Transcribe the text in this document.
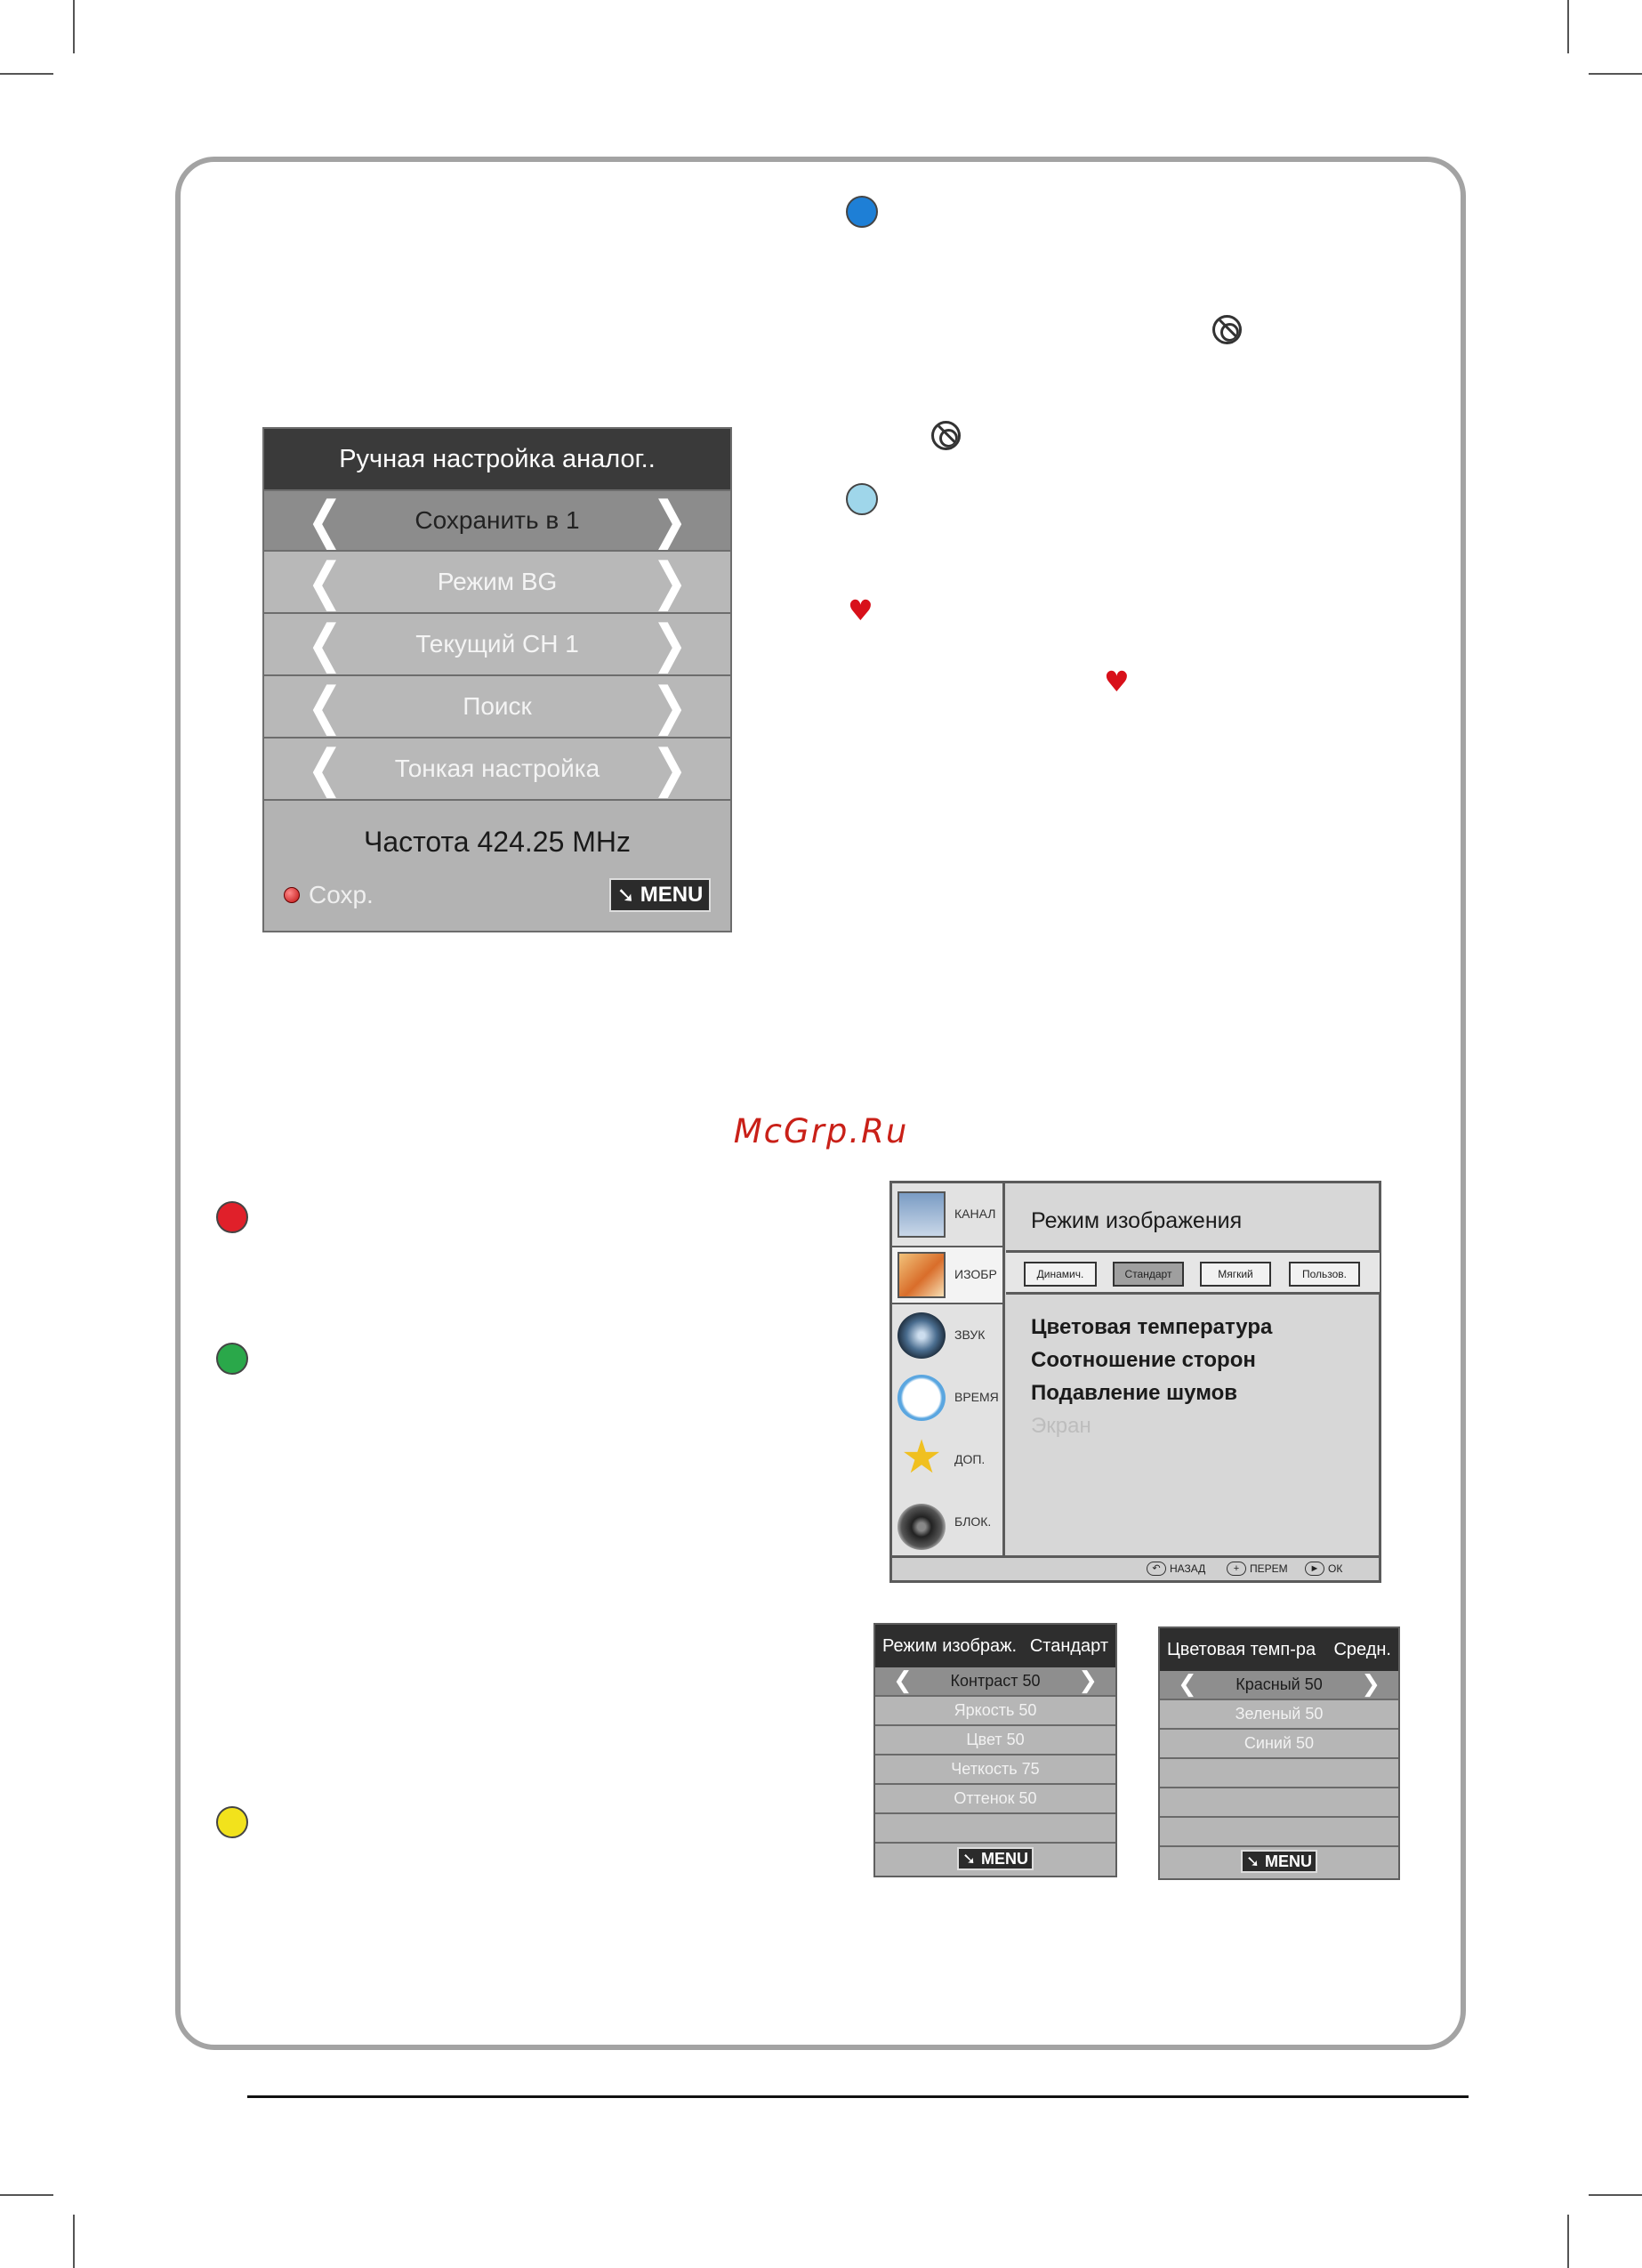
McGrp.Ru
♥
♥
Ручная настройка аналог..
❮	Сохранить в 1 ❯
❮	Режим BG ❯
❮	Текущий CH 1 ❯
❮	Поиск	❯
❮ Тонкая настройка ❯
Частота 424.25 MHz
Сохр.	➘ MENU
КАНАЛ
ИЗОБР
ЗВУК
ВРЕМЯ
★ ДОП.
БЛОК.
Режим изображения
Динамич.	Стандарт	Мягкий	Пользов.
Цветовая температура
Соотношение сторон
Подавление шумов
Экран
↶ НАЗАД	+ ПЕРЕМ	► ОК
Режим изображ. Стандарт
❮ Контраст 50 ❯
Яркость 50
Цвет 50
Четкость 75
Оттенок 50
➘ MENU
Цветовая темп-ра Средн.
❮ Красный 50 ❯
Зеленый 50
Синий 50
➘ MENU
